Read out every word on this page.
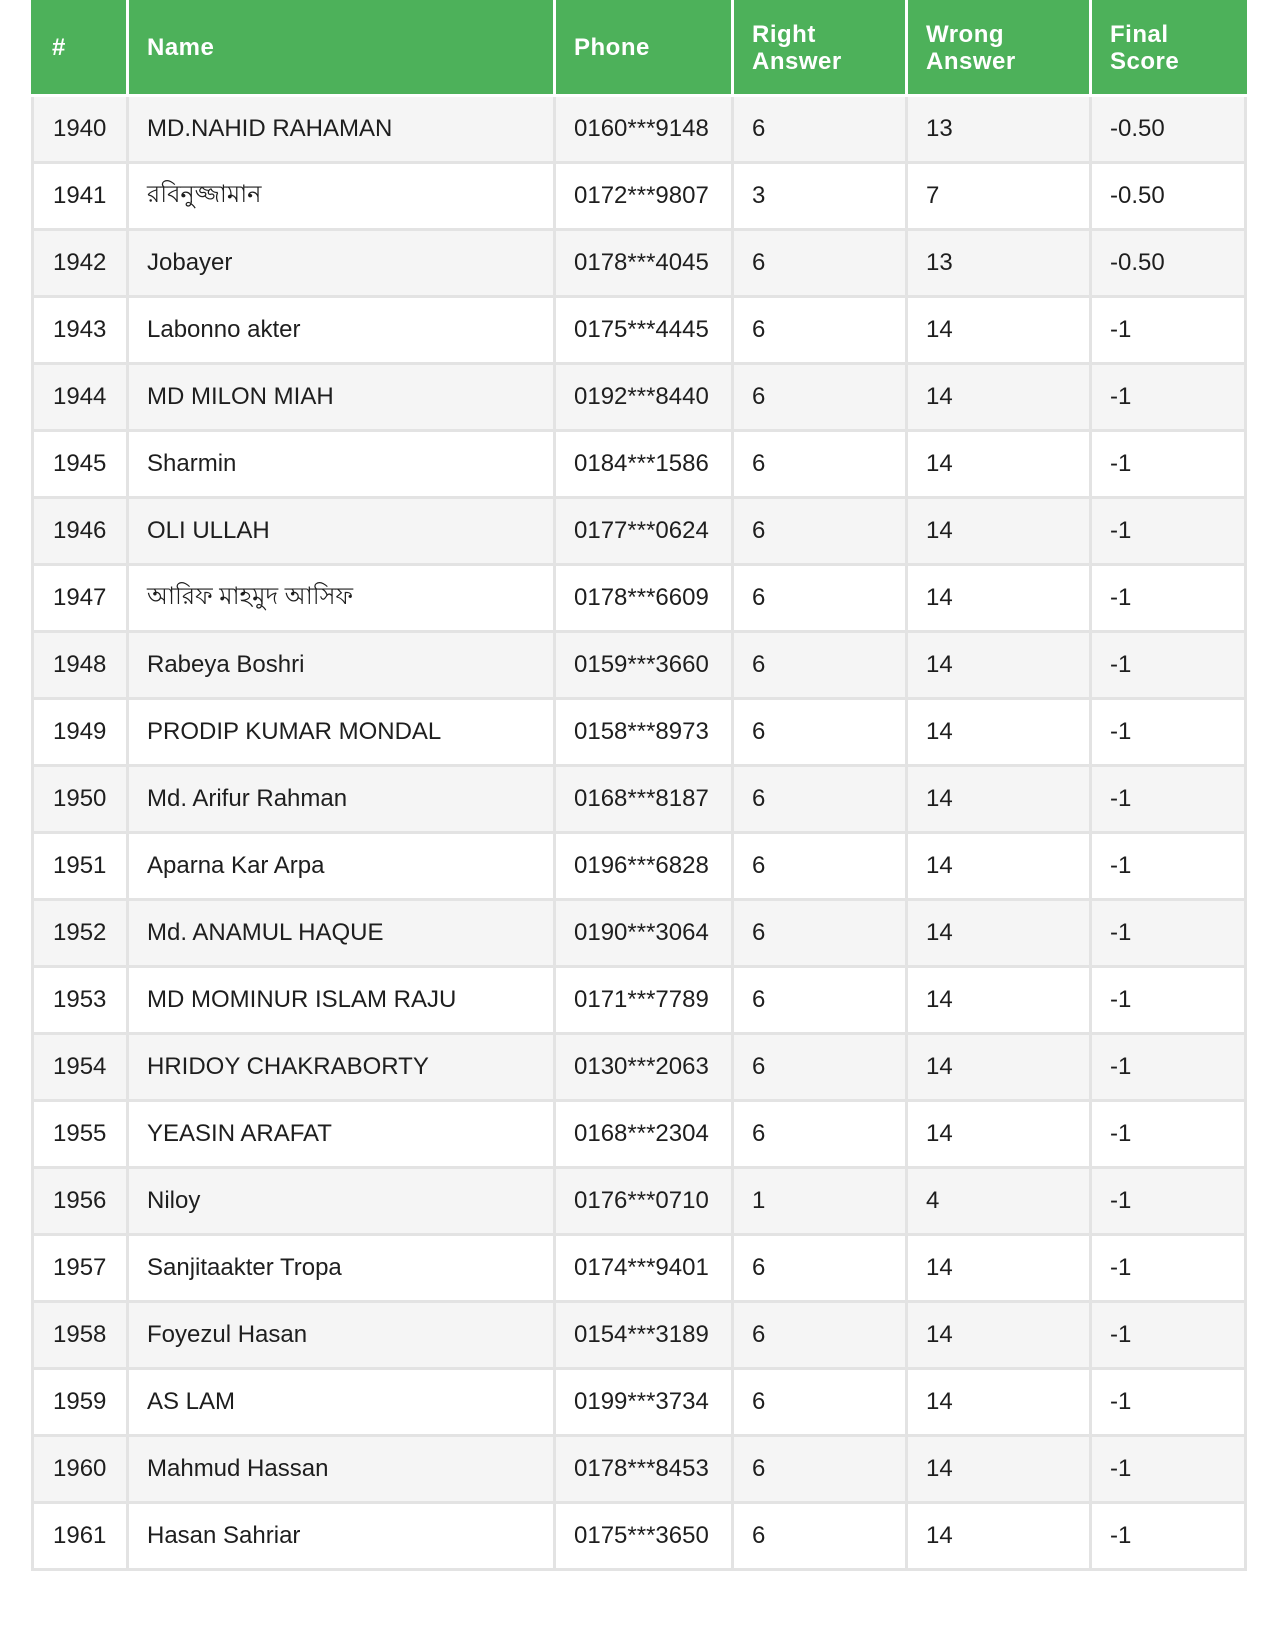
#	Name	Phone	Right Answer	Wrong Answer	Final Score
1940	MD.NAHID RAHAMAN	0160***9148	6	13	-0.50
1941	রবিনুজ্জামান	0172***9807	3	7	-0.50
1942	Jobayer	0178***4045	6	13	-0.50
1943	Labonno akter	0175***4445	6	14	-1
1944	MD MILON MIAH	0192***8440	6	14	-1
1945	Sharmin	0184***1586	6	14	-1
1946	OLI ULLAH	0177***0624	6	14	-1
1947	আরিফ মাহমুদ আসিফ	0178***6609	6	14	-1
1948	Rabeya Boshri	0159***3660	6	14	-1
1949	PRODIP KUMAR MONDAL	0158***8973	6	14	-1
1950	Md. Arifur Rahman	0168***8187	6	14	-1
1951	Aparna Kar Arpa	0196***6828	6	14	-1
1952	Md. ANAMUL HAQUE	0190***3064	6	14	-1
1953	MD MOMINUR ISLAM RAJU	0171***7789	6	14	-1
1954	HRIDOY CHAKRABORTY	0130***2063	6	14	-1
1955	YEASIN ARAFAT	0168***2304	6	14	-1
1956	Niloy	0176***0710	1	4	-1
1957	Sanjitaakter Tropa	0174***9401	6	14	-1
1958	Foyezul Hasan	0154***3189	6	14	-1
1959	AS LAM	0199***3734	6	14	-1
1960	Mahmud Hassan	0178***8453	6	14	-1
1961	Hasan Sahriar	0175***3650	6	14	-1
